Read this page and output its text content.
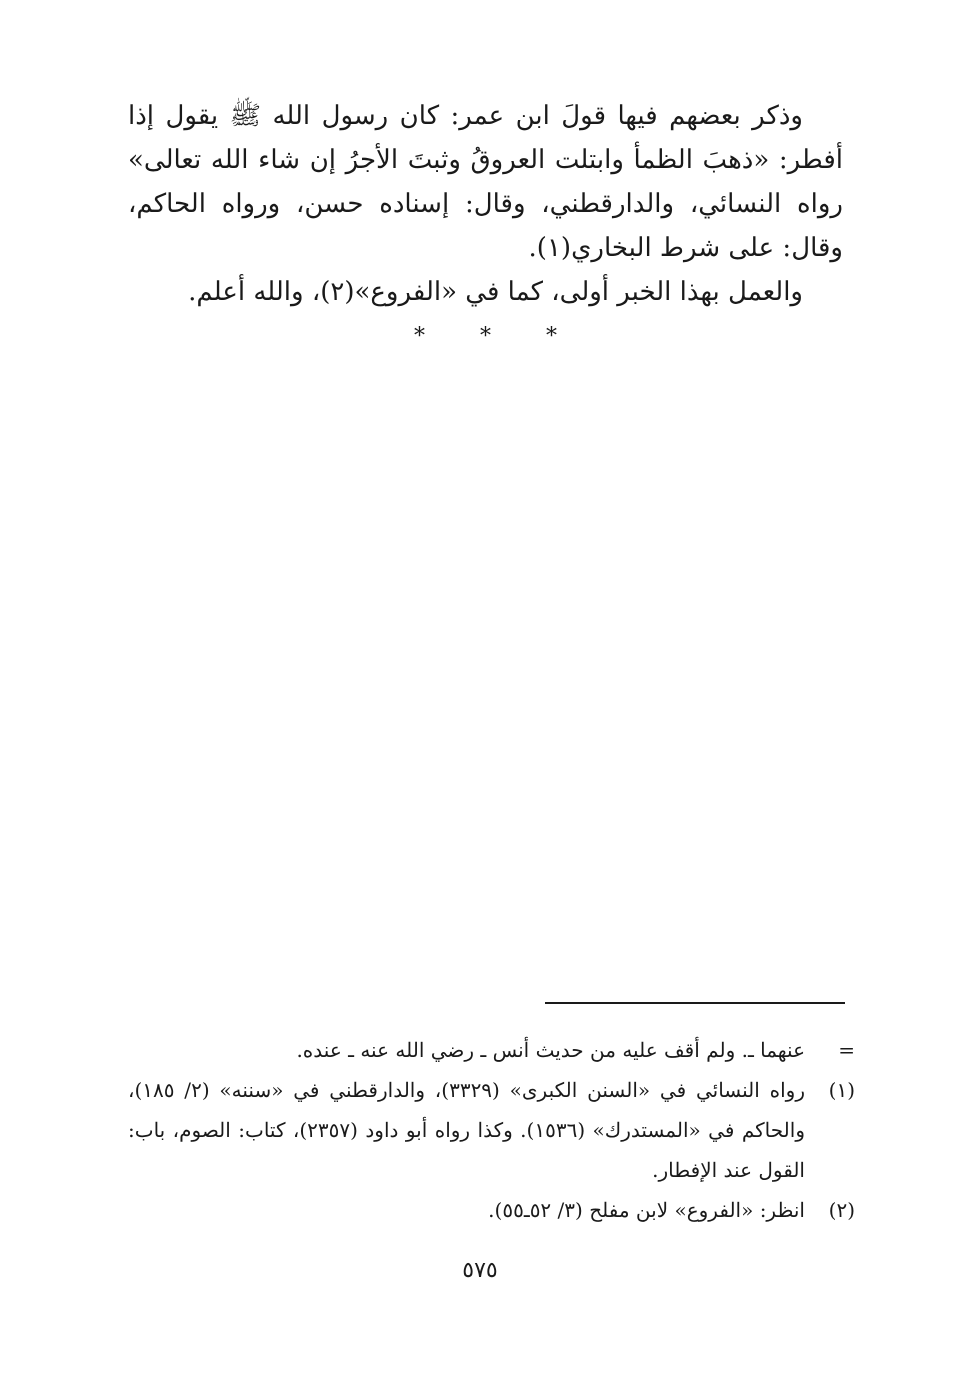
وذكر بعضهم فيها قولَ ابن عمر: كان رسول الله ﷺ يقول إذا أفطر: «ذهبَ الظمأ وابتلت العروقُ وثبتَ الأجرُ إن شاء الله تعالى» رواه النسائي، والدارقطني، وقال: إسناده حسن، ورواه الحاكم، وقال: على شرط البخاري(١).

والعمل بهذا الخبر أولى، كما في «الفروع»(٢)، والله أعلم.

* * *
=
عنهما ـ. ولم أقف عليه من حديث أنس ـ رضي الله عنه ـ عنده.
(١)
رواه النسائي في «السنن الكبرى» (٣٣٢٩)، والدارقطني في «سننه» (٢/ ١٨٥)، والحاكم في «المستدرك» (١٥٣٦). وكذا رواه أبو داود (٢٣٥٧)، كتاب: الصوم، باب: القول عند الإفطار.
(٢)
انظر: «الفروع» لابن مفلح (٣/ ٥٢ـ٥٥).
٥٧٥
